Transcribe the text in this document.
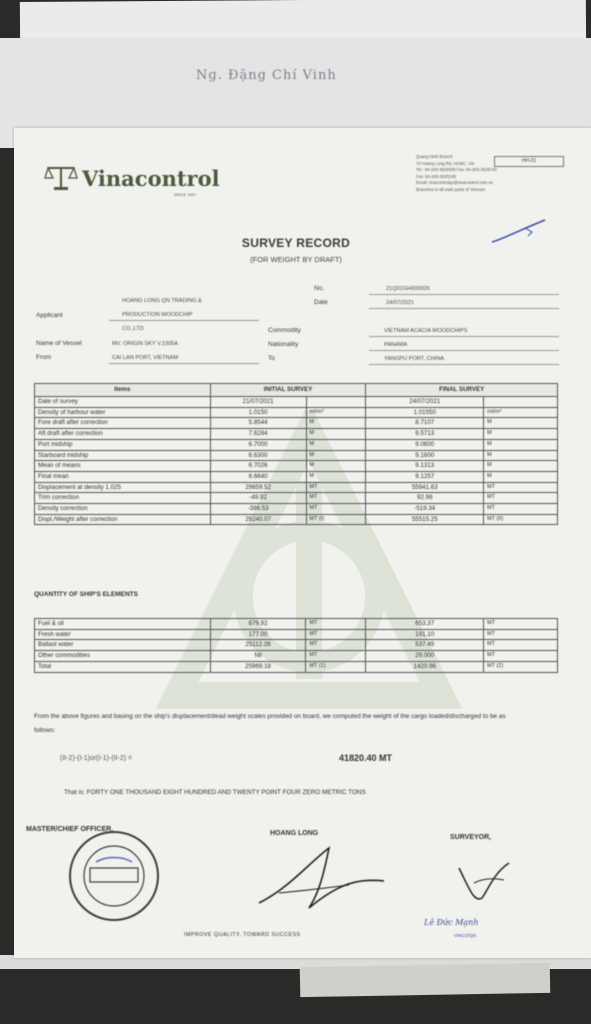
Ng. Đặng Chí Vinh
Vinacontrol
SINCE 1957
HH-01
Quang Ninh Branch
73 Hoang Long Rd, HCMC, VN
Tel : 84-203-3625536 Fax: 84-203-3625740
Fax: 84-203-3625185
Email: vinacontrolqn@vinacontrol.com.vn
Branches in all main ports of Vietnam
SURVEY RECORD
(FOR WEIGHT BY DRAFT)
No.	21Q01GH000926
Date	24/07/2021
HOANG LONG QN TRADING &
Applicant	PRODUCTION WOODCHIP
CO.,LTD	Commodity	VIETNAM ACACIA WOODCHIPS
Name of Vessel	MV. ORIGIN SKY V.2305A	Nationality	PANAMA
From	CAI LAN PORT, VIETNAM	To	YANGPU PORT, CHINA
Items	INITIAL SURVEY		FINAL SURVEY	
Date of survey	21/07/2021		24/07/2021	
Density of harbour water	1.0150	mt/m³	1.01550	mt/m³
Fore draft after correction	5.8544	M	8.7107	M
Aft draft after correction	7.6284	M	9.5713	M
Port midship	6.7000	M	9.0600	M
Starboard midship	6.6300	M	9.1600	M
Mean of means	6.7026	M	9.1313	M
Final mean	6.6640	M	9.1257	M
Displacement at density 1.025	29659.52	MT	55941.63	MT
Trim correction	-49.92	MT	92.96	MT
Density correction	-386.53	MT	-519.34	MT
Displ./Weight after correction	29240.07	MT (I)	55515.25	MT (II)
QUANTITY OF SHIP'S ELEMENTS
Fuel & oil	679.92	MT	653.37	MT
Fresh water	177.00	MT	191.10	MT
Ballast water	25112.26	MT	537.49	MT
Other commodities	Nil	MT	29.000	MT
Total	25969.18	MT (1)	1420.96	MT (2)
From the above figures and basing on the ship's displacement/dead weight scales provided on board, we computed the weight of the cargo loaded/discharged to be as follows:
(II-2)-(I-1)or(I-1)-(II-2) =	41820.40 MT
That is: FORTY ONE THOUSAND EIGHT HUNDRED AND TWENTY POINT FOUR ZERO METRIC TONS
MASTER/CHIEF OFFICER,
HOANG LONG
SURVEYOR,
Lê Đức Mạnh
VINCO/QN
IMPROVE QUALITY, TOWARD SUCCESS
